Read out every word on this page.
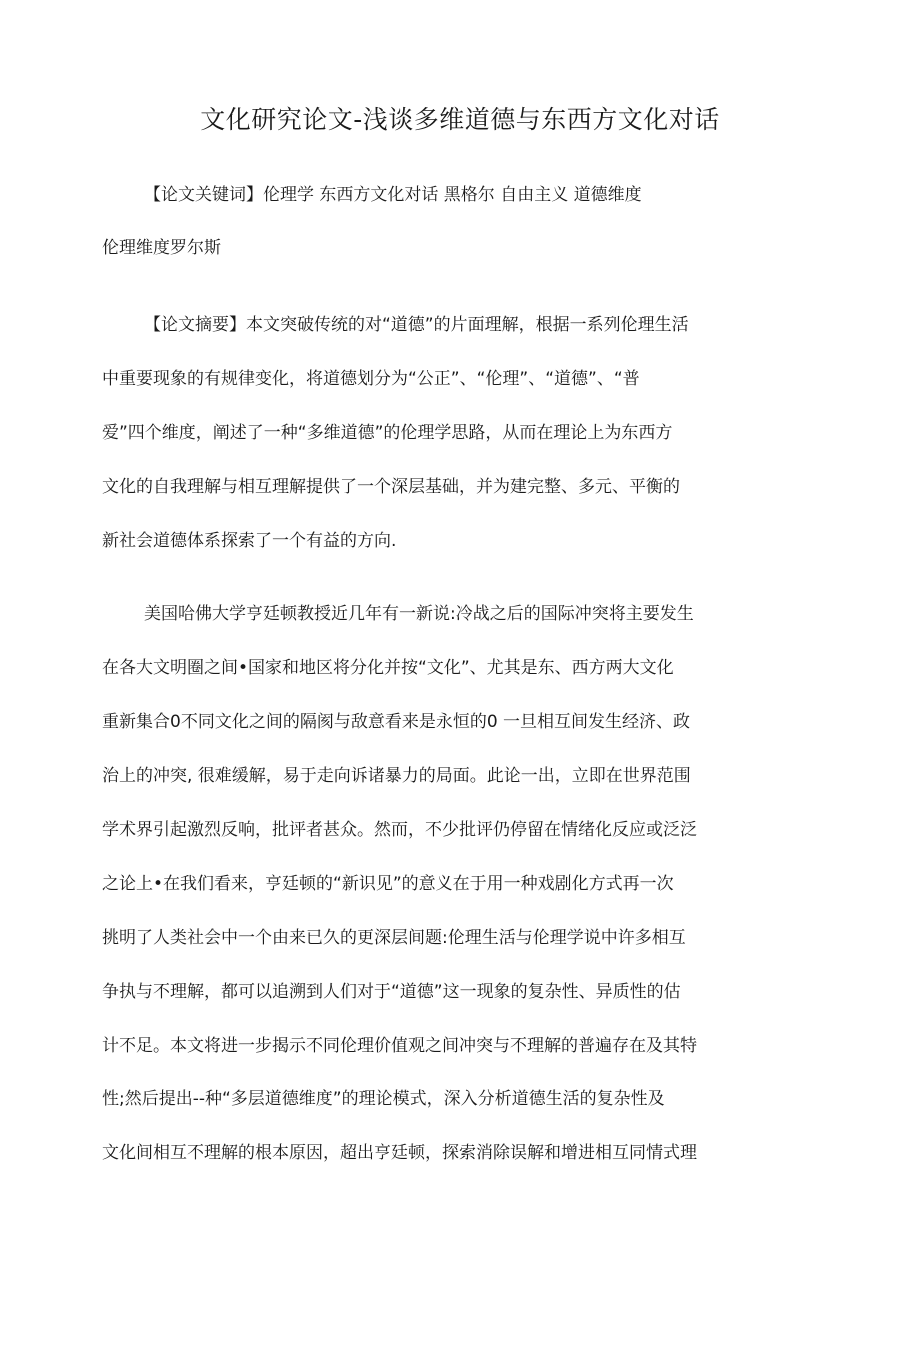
文化研究论文-浅谈多维道德与东西方文化对话
【论文关键词】伦理学 东西方文化对话 黑格尔 自由主义 道德维度
伦理维度罗尔斯
【论文摘要】本文突破传统的对“道德”的片面理解，根据一系列伦理生活
中重要现象的有规律变化，将道德划分为“公正”、“伦理”、“道德”、“普
爱”四个维度，阐述了一种“多维道德”的伦理学思路，从而在理论上为东西方
文化的自我理解与相互理解提供了一个深层基础，并为建完整、多元、平衡的
新社会道德体系探索了一个有益的方向.
美国哈佛大学亨廷顿教授近几年有一新说:冷战之后的国际冲突将主要发生
在各大文明圈之间•国家和地区将分化并按“文化”、尤其是东、西方两大文化
重新集合0不同文化之间的隔阂与敌意看来是永恒的0 一旦相互间发生经济、政
治上的冲突, 很难缓解，易于走向诉诸暴力的局面。此论一出，立即在世界范围
学术界引起激烈反响，批评者甚众。然而，不少批评仍停留在情绪化反应或泛泛
之论上•在我们看来，亨廷顿的“新识见”的意义在于用一种戏剧化方式再一次
挑明了人类社会中一个由来已久的更深层间题:伦理生活与伦理学说中许多相互
争执与不理解，都可以追溯到人们对于“道德”这一现象的复杂性、异质性的估
计不足。本文将进一步揭示不同伦理价值观之间冲突与不理解的普遍存在及其特
性;然后提出--种“多层道德维度”的理论模式，深入分析道德生活的复杂性及
文化间相互不理解的根本原因，超出亨廷顿，探索消除误解和增进相互同情式理
